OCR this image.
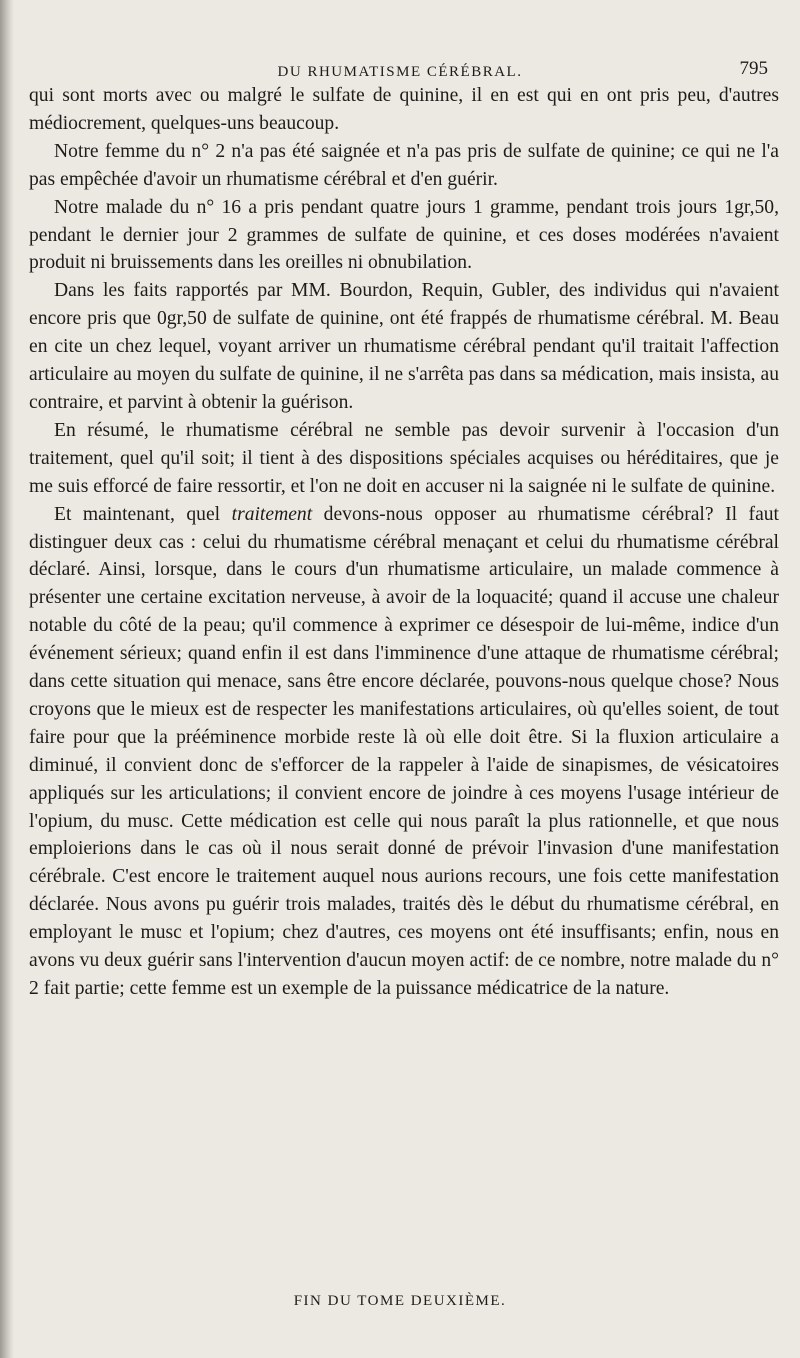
DU RHUMATISME CÉRÉBRAL.	795

qui sont morts avec ou malgré le sulfate de quinine, il en est qui en ont pris peu, d'autres médiocrement, quelques-uns beaucoup.

Notre femme du n° 2 n'a pas été saignée et n'a pas pris de sulfate de quinine; ce qui ne l'a pas empêchée d'avoir un rhumatisme cérébral et d'en guérir.

Notre malade du n° 16 a pris pendant quatre jours 1 gramme, pendant trois jours 1gr,50, pendant le dernier jour 2 grammes de sulfate de quinine, et ces doses modérées n'avaient produit ni bruissements dans les oreilles ni obnubilation.

Dans les faits rapportés par MM. Bourdon, Requin, Gubler, des individus qui n'avaient encore pris que 0gr,50 de sulfate de quinine, ont été frappés de rhumatisme cérébral. M. Beau en cite un chez lequel, voyant arriver un rhumatisme cérébral pendant qu'il traitait l'affection articulaire au moyen du sulfate de quinine, il ne s'arrêta pas dans sa médication, mais insista, au contraire, et parvint à obtenir la guérison.

En résumé, le rhumatisme cérébral ne semble pas devoir survenir à l'occasion d'un traitement, quel qu'il soit; il tient à des dispositions spéciales acquises ou héréditaires, que je me suis efforcé de faire ressortir, et l'on ne doit en accuser ni la saignée ni le sulfate de quinine.

Et maintenant, quel traitement devons-nous opposer au rhumatisme cérébral? Il faut distinguer deux cas : celui du rhumatisme cérébral menaçant et celui du rhumatisme cérébral déclaré. Ainsi, lorsque, dans le cours d'un rhumatisme articulaire, un malade commence à présenter une certaine excitation nerveuse, à avoir de la loquacité; quand il accuse une chaleur notable du côté de la peau; qu'il commence à exprimer ce désespoir de lui-même, indice d'un événement sérieux; quand enfin il est dans l'imminence d'une attaque de rhumatisme cérébral; dans cette situation qui menace, sans être encore déclarée, pouvons-nous quelque chose? Nous croyons que le mieux est de respecter les manifestations articulaires, où qu'elles soient, de tout faire pour que la prééminence morbide reste là où elle doit être. Si la fluxion articulaire a diminué, il convient donc de s'efforcer de la rappeler à l'aide de sinapismes, de vésicatoires appliqués sur les articulations; il convient encore de joindre à ces moyens l'usage intérieur de l'opium, du musc. Cette médication est celle qui nous paraît la plus rationnelle, et que nous emploierions dans le cas où il nous serait donné de prévoir l'invasion d'une manifestation cérébrale. C'est encore le traitement auquel nous aurions recours, une fois cette manifestation déclarée. Nous avons pu guérir trois malades, traités dès le début du rhumatisme cérébral, en employant le musc et l'opium; chez d'autres, ces moyens ont été insuffisants; enfin, nous en avons vu deux guérir sans l'intervention d'aucun moyen actif: de ce nombre, notre malade du n° 2 fait partie; cette femme est un exemple de la puissance médicatrice de la nature.

FIN DU TOME DEUXIÈME.
